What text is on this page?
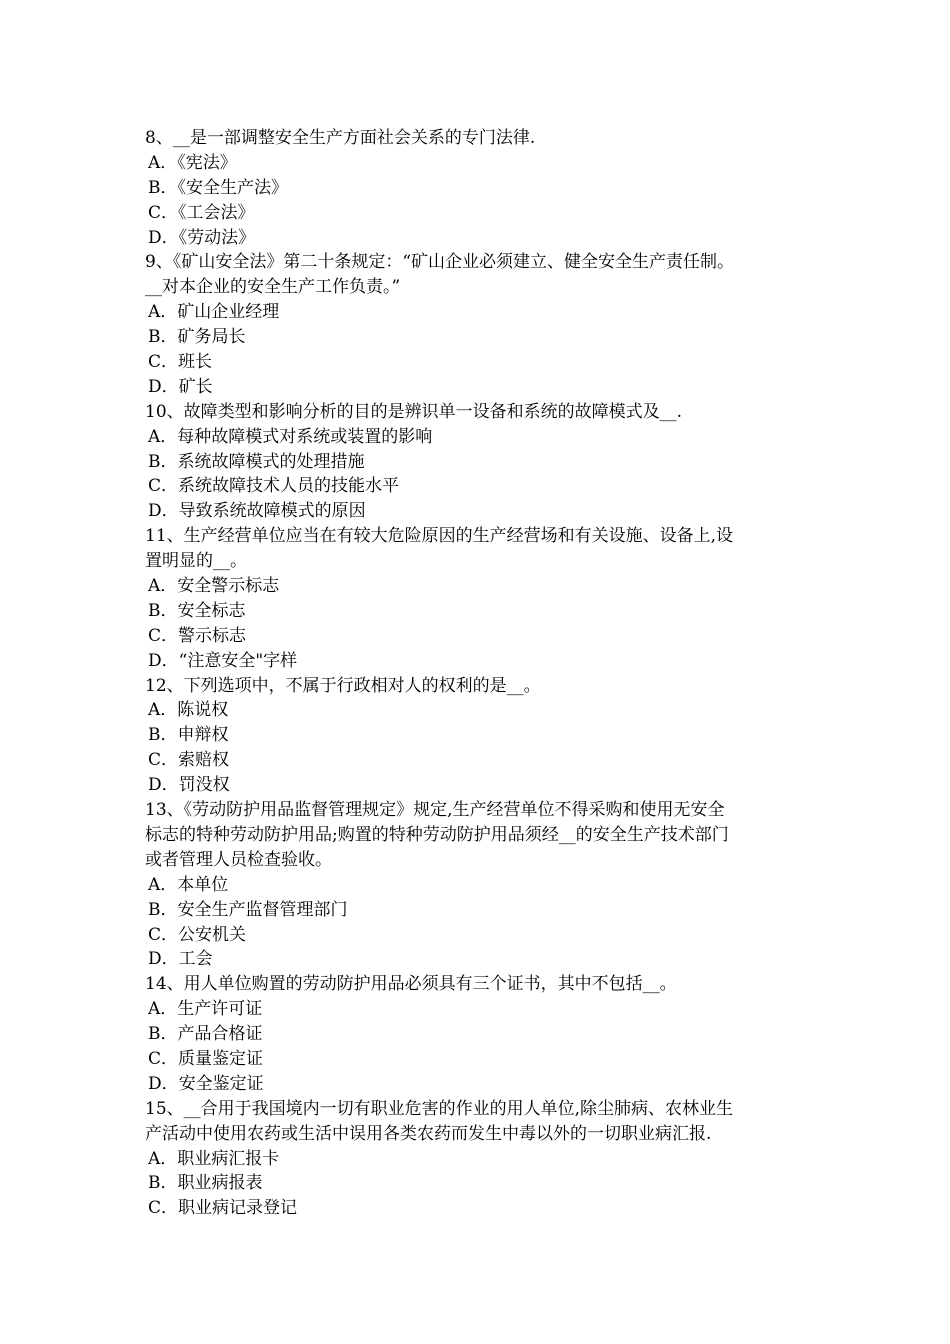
8、__是一部调整安全生产方面社会关系的专门法律.
A．《宪法》
B．《安全生产法》
C．《工会法》
D．《劳动法》
9、《矿山安全法》第二十条规定：“矿山企业必须建立、健全安全生产责任制。
__对本企业的安全生产工作负责。”
A．矿山企业经理
B．矿务局长
C．班长
D．矿长
10、故障类型和影响分析的目的是辨识单一设备和系统的故障模式及__.
A．每种故障模式对系统或装置的影响
B．系统故障模式的处理措施
C．系统故障技术人员的技能水平
D．导致系统故障模式的原因
11、生产经营单位应当在有较大危险原因的生产经营场和有关设施、设备上,设
置明显的__。
A．安全警示标志
B．安全标志
C．警示标志
D．“注意安全"字样
12、下列选项中，不属于行政相对人的权利的是__。
A．陈说权
B．申辩权
C．索赔权
D．罚没权
13、《劳动防护用品监督管理规定》规定,生产经营单位不得采购和使用无安全
标志的特种劳动防护用品;购置的特种劳动防护用品须经__的安全生产技术部门
或者管理人员检查验收。
A．本单位
B．安全生产监督管理部门
C．公安机关
D．工会
14、用人单位购置的劳动防护用品必须具有三个证书，其中不包括__。
A．生产许可证
B．产品合格证
C．质量鉴定证
D．安全鉴定证
15、__合用于我国境内一切有职业危害的作业的用人单位,除尘肺病、农林业生
产活动中使用农药或生活中误用各类农药而发生中毒以外的一切职业病汇报.
A．职业病汇报卡
B．职业病报表
C．职业病记录登记
